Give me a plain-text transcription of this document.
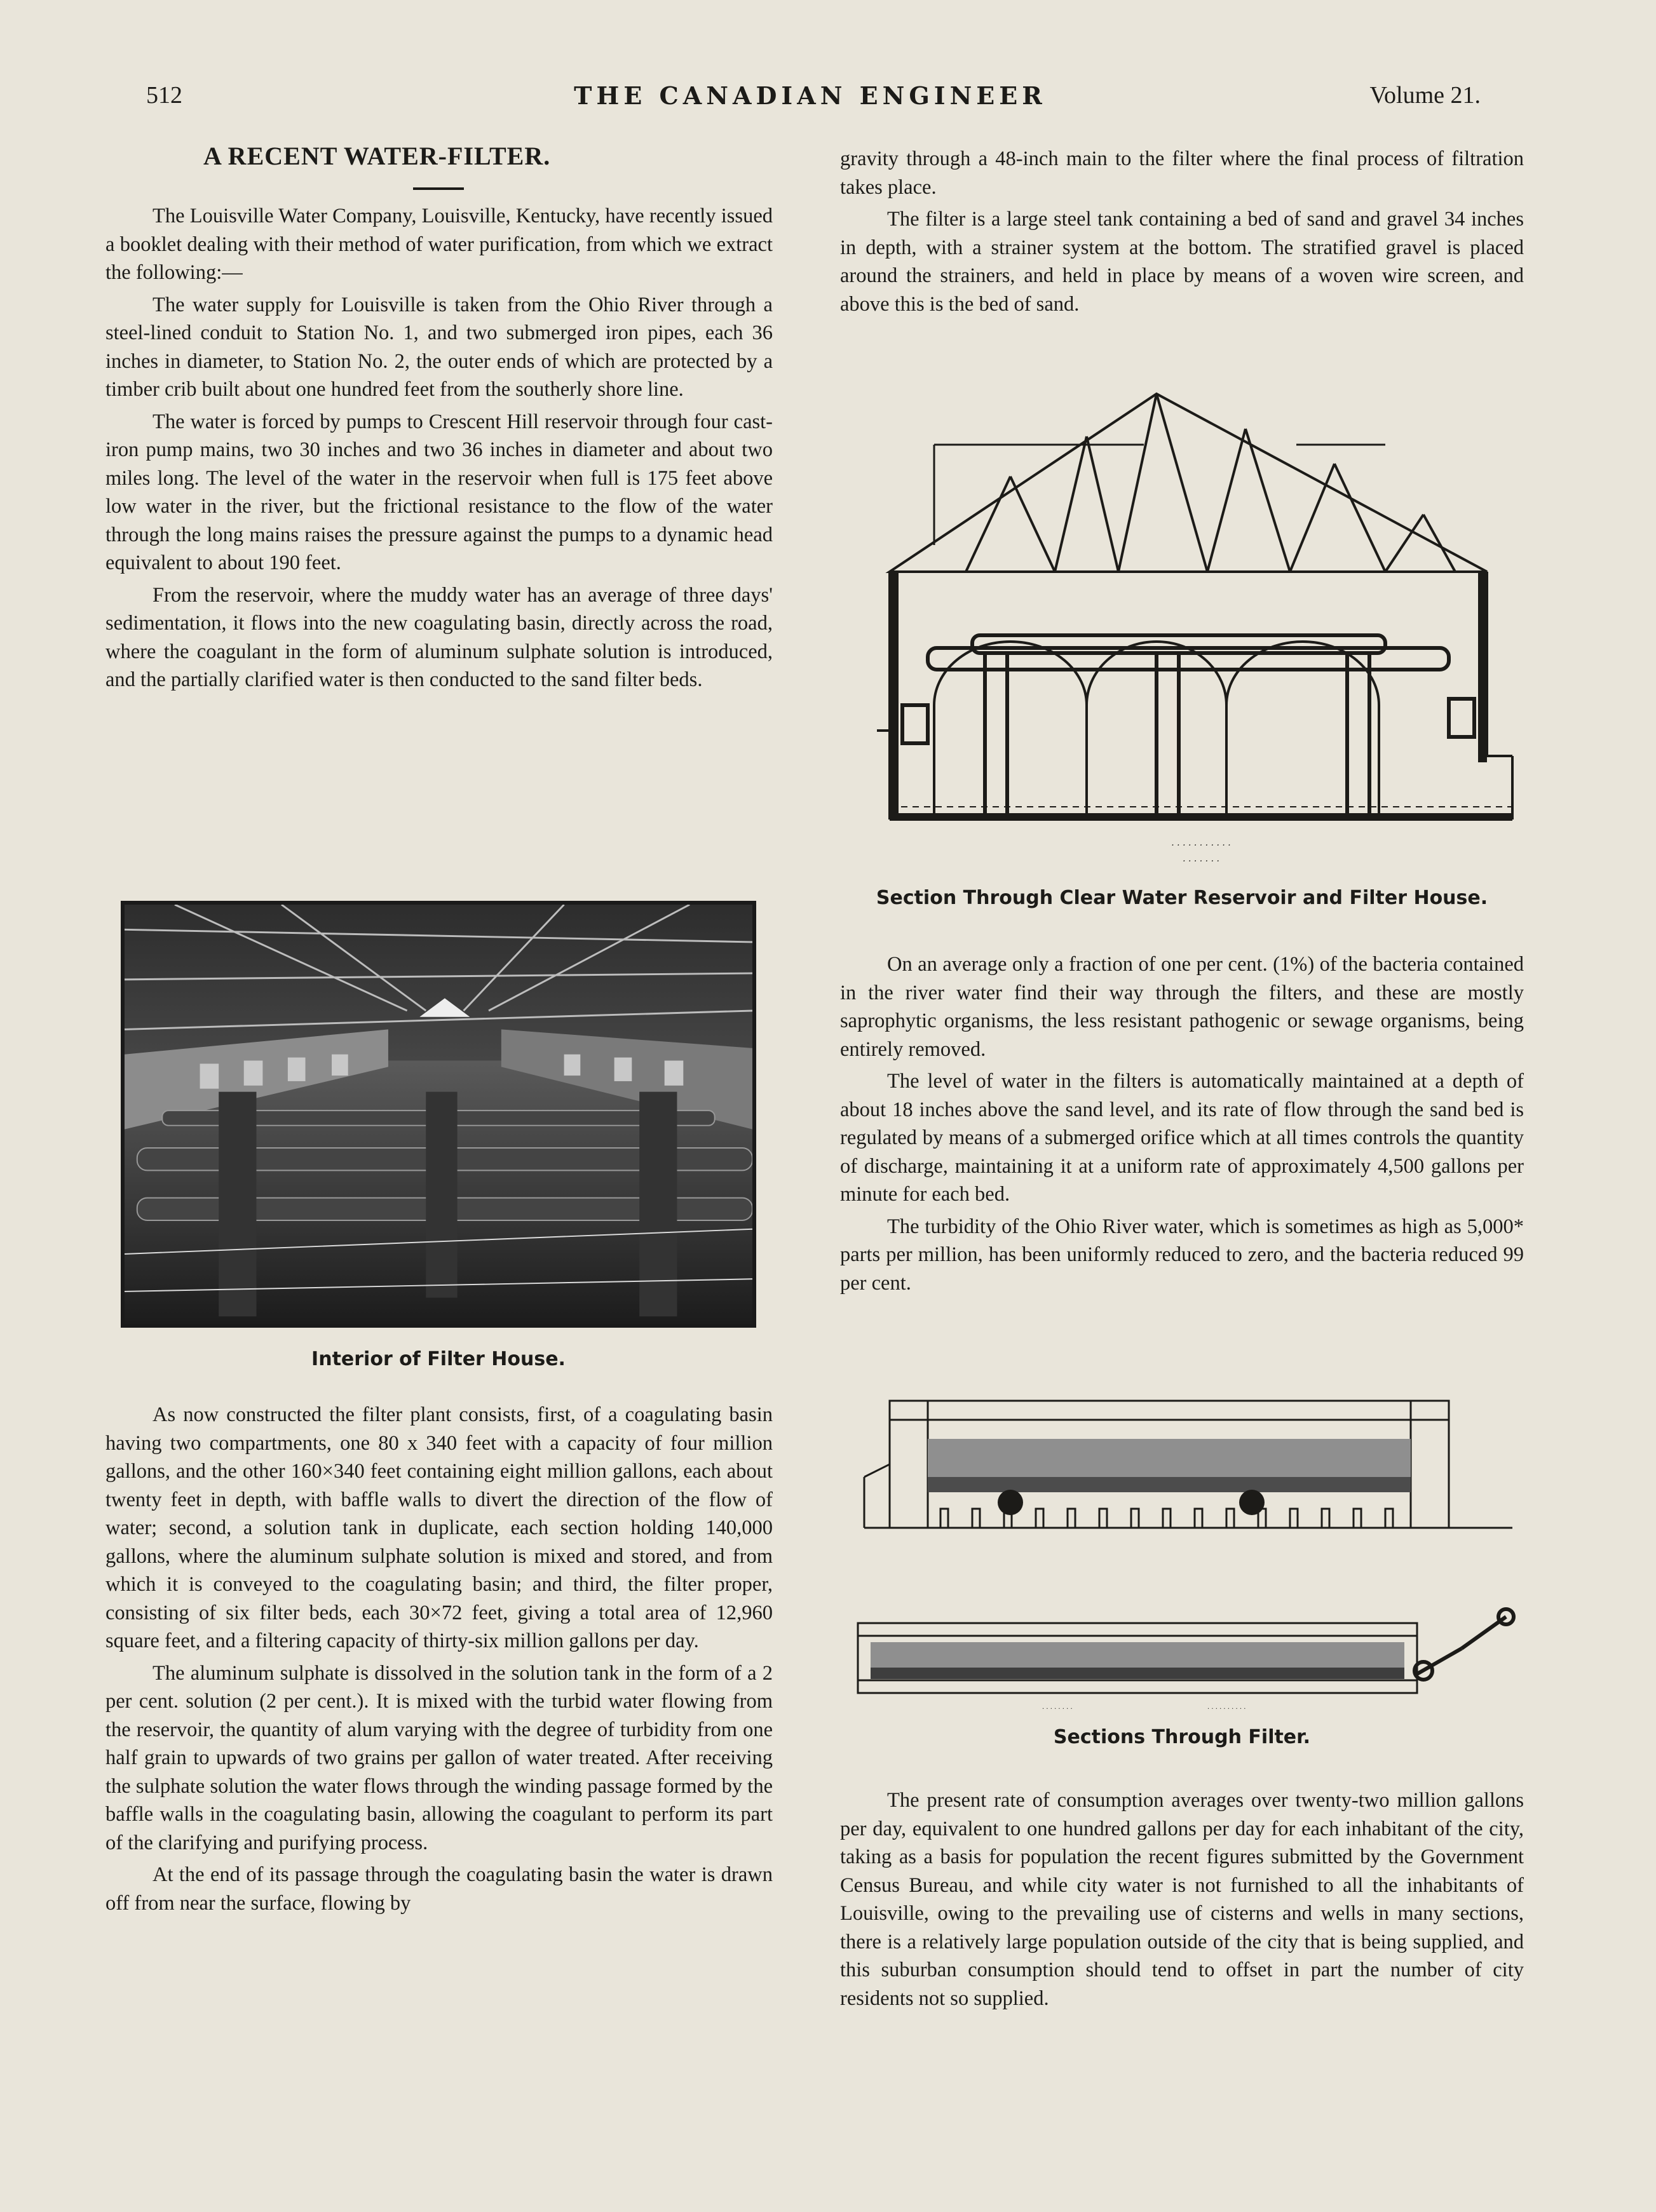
512	THE CANADIAN ENGINEER	Volume 21.
A RECENT WATER-FILTER.

The Louisville Water Company, Louisville, Kentucky, have recently issued a booklet dealing with their method of water purification, from which we extract the following:—

The water supply for Louisville is taken from the Ohio River through a steel-lined conduit to Station No. 1, and two submerged iron pipes, each 36 inches in diameter, to Station No. 2, the outer ends of which are protected by a timber crib built about one hundred feet from the southerly shore line.

The water is forced by pumps to Crescent Hill reservoir through four cast-iron pump mains, two 30 inches and two 36 inches in diameter and about two miles long. The level of the water in the reservoir when full is 175 feet above low water in the river, but the frictional resistance to the flow of the water through the long mains raises the pressure against the pumps to a dynamic head equivalent to about 190 feet.

From the reservoir, where the muddy water has an average of three days' sedimentation, it flows into the new coagulating basin, directly across the road, where the coagulant in the form of aluminum sulphate solution is introduced, and the partially clarified water is then conducted to the sand filter beds.

Interior of Filter House.

As now constructed the filter plant consists, first, of a coagulating basin having two compartments, one 80 x 340 feet with a capacity of four million gallons, and the other 160×340 feet containing eight million gallons, each about twenty feet in depth, with baffle walls to divert the direction of the flow of water; second, a solution tank in duplicate, each section holding 140,000 gallons, where the aluminum sulphate solution is mixed and stored, and from which it is conveyed to the coagulating basin; and third, the filter proper, consisting of six filter beds, each 30×72 feet, giving a total area of 12,960 square feet, and a filtering capacity of thirty-six million gallons per day.

The aluminum sulphate is dissolved in the solution tank in the form of a 2 per cent. solution (2 per cent.). It is mixed with the turbid water flowing from the reservoir, the quantity of alum varying with the degree of turbidity from one half grain to upwards of two grains per gallon of water treated. After receiving the sulphate solution the water flows through the winding passage formed by the baffle walls in the coagulating basin, allowing the coagulant to perform its part of the clarifying and purifying process.

At the end of its passage through the coagulating basin the water is drawn off from near the surface, flowing by

gravity through a 48-inch main to the filter where the final process of filtration takes place.

The filter is a large steel tank containing a bed of sand and gravel 34 inches in depth, with a strainer system at the bottom. The stratified gravel is placed around the strainers, and held in place by means of a woven wire screen, and above this is the bed of sand.

· · · · · · · · · · ·
· · · · · · ·
Section Through Clear Water Reservoir and Filter House.

On an average only a fraction of one per cent. (1%) of the bacteria contained in the river water find their way through the filters, and these are mostly saprophytic organisms, the less resistant pathogenic or sewage organisms, being entirely removed.

The level of water in the filters is automatically maintained at a depth of about 18 inches above the sand level, and its rate of flow through the sand bed is regulated by means of a submerged orifice which at all times controls the quantity of discharge, maintaining it at a uniform rate of approximately 4,500 gallons per minute for each bed.

The turbidity of the Ohio River water, which is sometimes as high as 5,000* parts per million, has been uniformly reduced to zero, and the bacteria reduced 99 per cent.

· · · · · · · ·	· · · · · · · · · ·
Sections Through Filter.

The present rate of consumption averages over twenty-two million gallons per day, equivalent to one hundred gallons per day for each inhabitant of the city, taking as a basis for population the recent figures submitted by the Government Census Bureau, and while city water is not furnished to all the inhabitants of Louisville, owing to the prevailing use of cisterns and wells in many sections, there is a relatively large population outside of the city that is being supplied, and this suburban consumption should tend to offset in part the number of city residents not so supplied.
